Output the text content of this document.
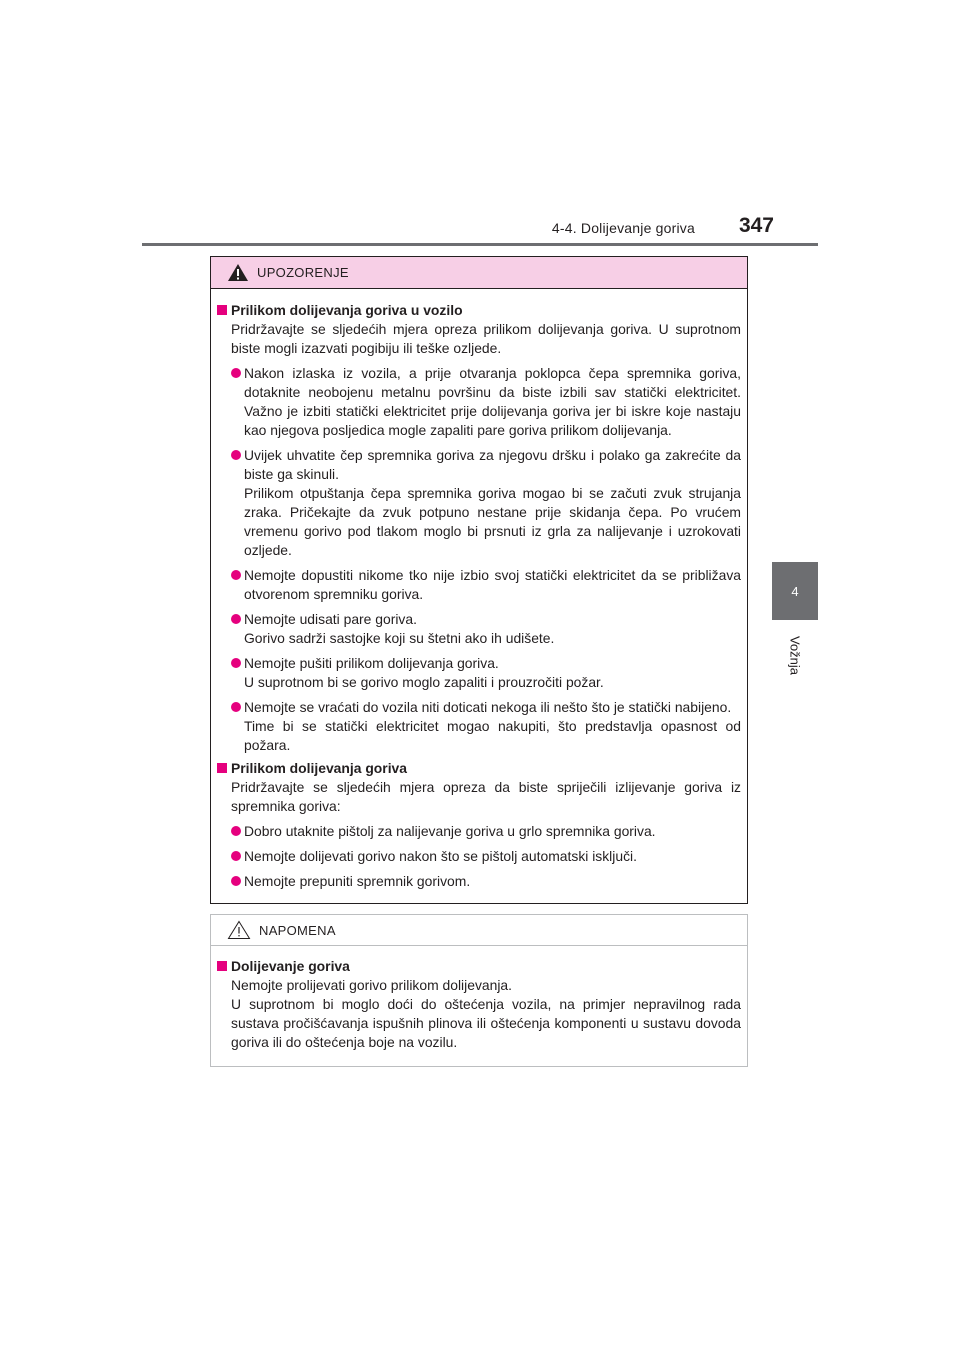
4-4. Dolijevanje goriva 347
4
Vožnja
UPOZORENJE
Prilikom dolijevanja goriva u vozilo
Pridržavajte se sljedećih mjera opreza prilikom dolijevanja goriva. U suprotnom biste mogli izazvati pogibiju ili teške ozljede.
Nakon izlaska iz vozila, a prije otvaranja poklopca čepa spremnika goriva, dotaknite neobojenu metalnu površinu da biste izbili sav statički elektricitet. Važno je izbiti statički elektricitet prije dolijevanja goriva jer bi iskre koje nastaju kao njegova posljedica mogle zapaliti pare goriva prilikom dolijevanja.
Uvijek uhvatite čep spremnika goriva za njegovu dršku i polako ga zakrećite da biste ga skinuli.
Prilikom otpuštanja čepa spremnika goriva mogao bi se začuti zvuk strujanja zraka. Pričekajte da zvuk potpuno nestane prije skidanja čepa. Po vrućem vremenu gorivo pod tlakom moglo bi prsnuti iz grla za nalijevanje i uzrokovati ozljede.
Nemojte dopustiti nikome tko nije izbio svoj statički elektricitet da se približava otvorenom spremniku goriva.
Nemojte udisati pare goriva.
Gorivo sadrži sastojke koji su štetni ako ih udišete.
Nemojte pušiti prilikom dolijevanja goriva.
U suprotnom bi se gorivo moglo zapaliti i prouzročiti požar.
Nemojte se vraćati do vozila niti doticati nekoga ili nešto što je statički nabijeno.
Time bi se statički elektricitet mogao nakupiti, što predstavlja opasnost od požara.
Prilikom dolijevanja goriva
Pridržavajte se sljedećih mjera opreza da biste spriječili izlijevanje goriva iz spremnika goriva:
Dobro utaknite pištolj za nalijevanje goriva u grlo spremnika goriva.
Nemojte dolijevati gorivo nakon što se pištolj automatski isključi.
Nemojte prepuniti spremnik gorivom.
NAPOMENA
Dolijevanje goriva
Nemojte prolijevati gorivo prilikom dolijevanja.
U suprotnom bi moglo doći do oštećenja vozila, na primjer nepravilnog rada sustava pročišćavanja ispušnih plinova ili oštećenja komponenti u sustavu dovoda goriva ili do oštećenja boje na vozilu.
